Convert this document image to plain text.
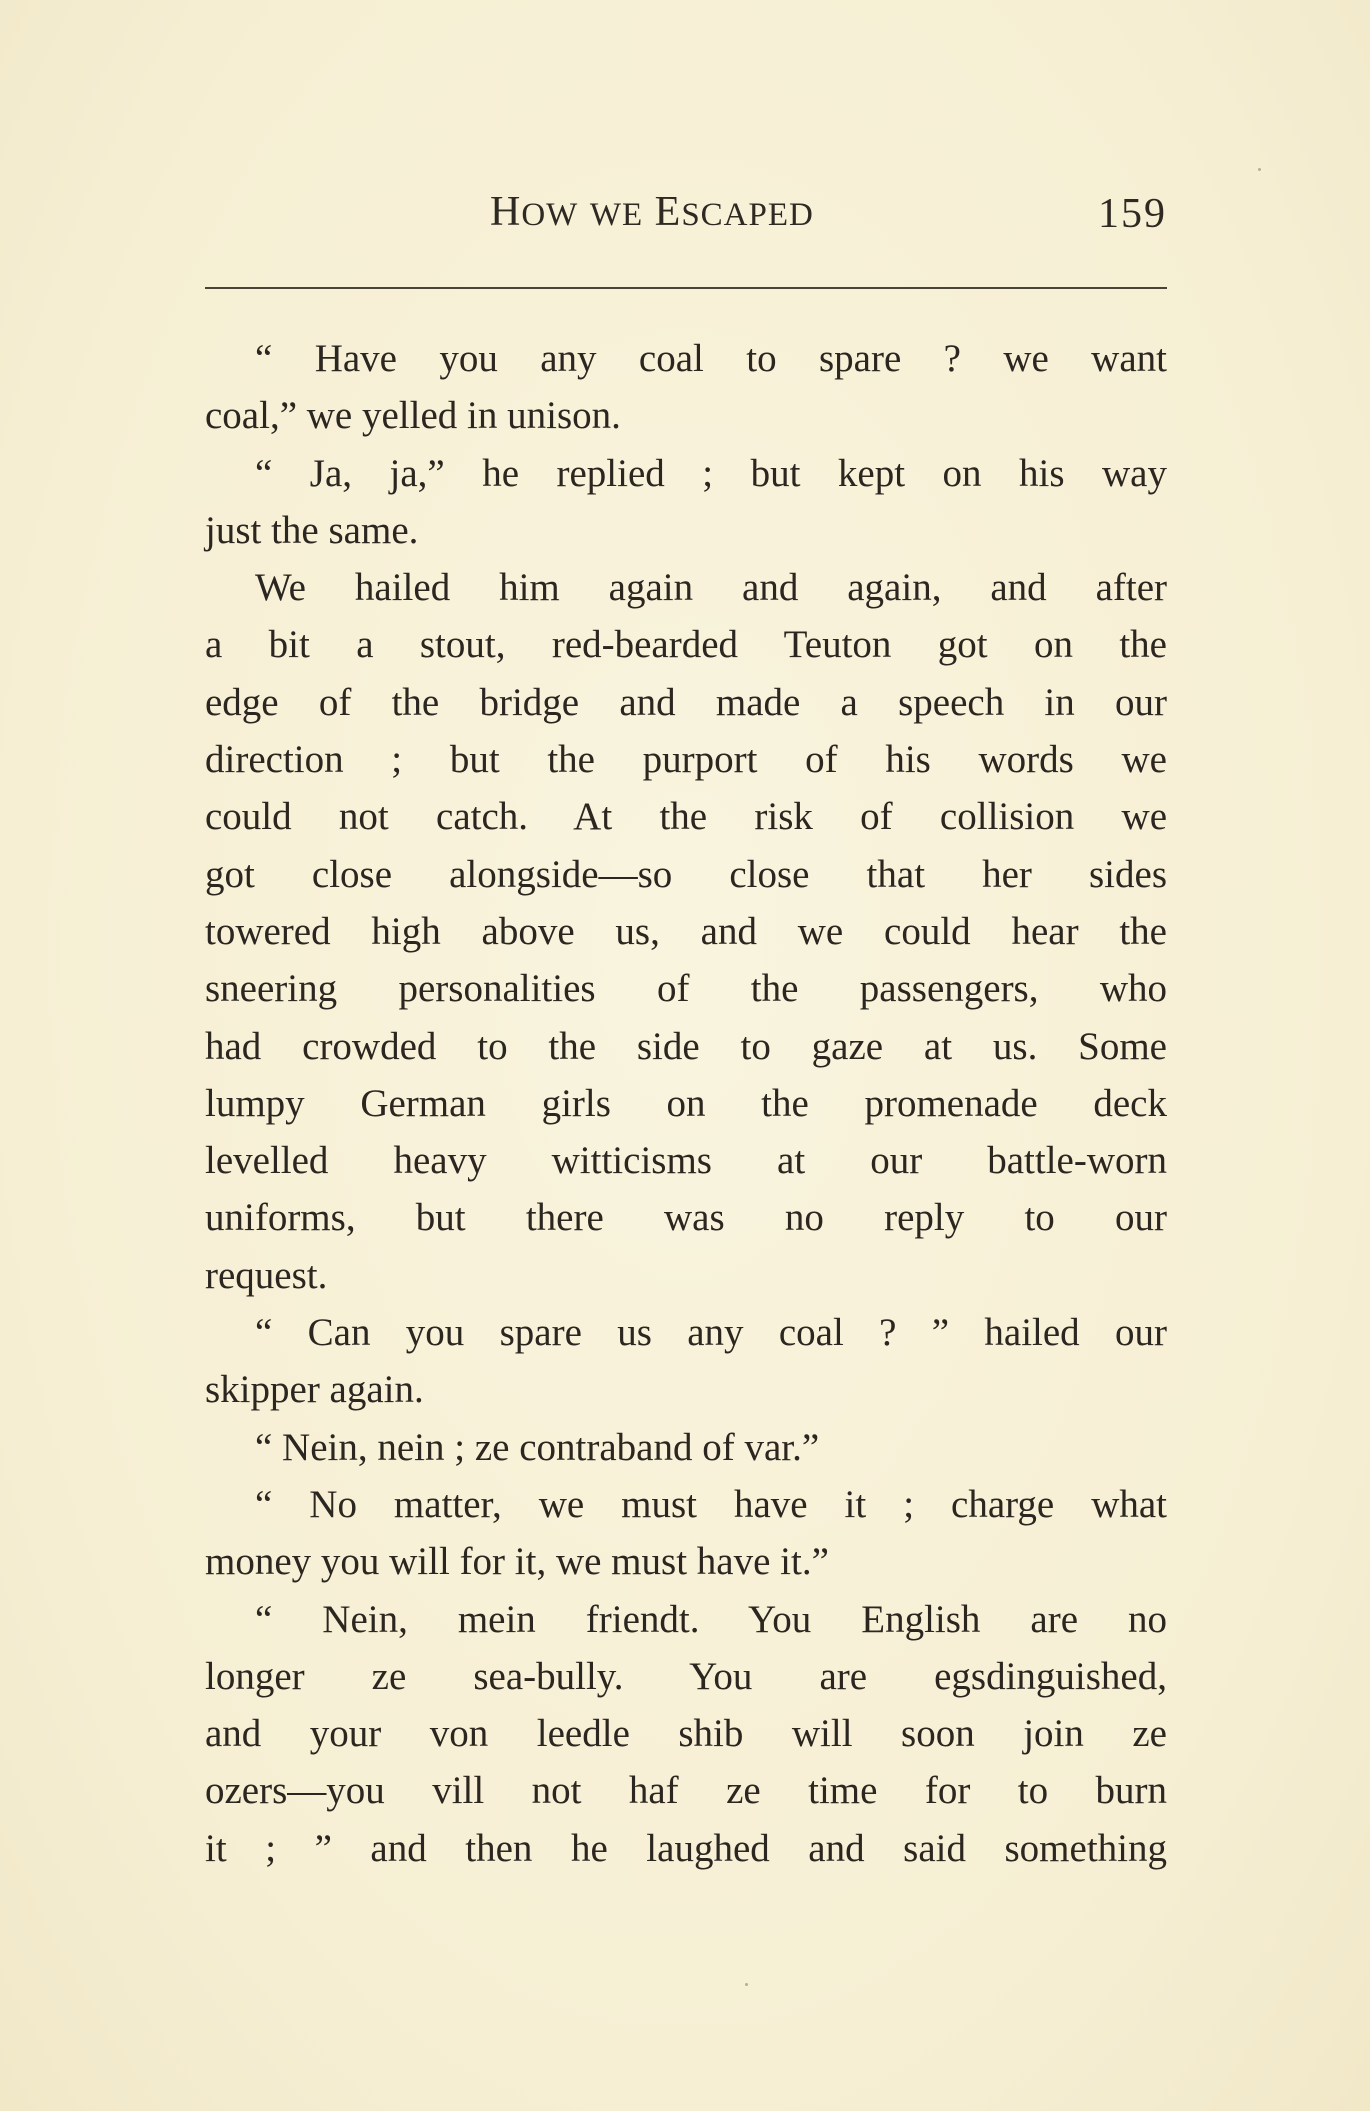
HOW WE ESCAPED	159
“ Have you any coal to spare ? we want
coal,” we yelled in unison.
“ Ja, ja,” he replied ; but kept on his way
just the same.
We hailed him again and again, and after
a bit a stout, red-bearded Teuton got on the
edge of the bridge and made a speech in our
direction ; but the purport of his words we
could not catch. At the risk of collision we
got close alongside—so close that her sides
towered high above us, and we could hear the
sneering personalities of the passengers, who
had crowded to the side to gaze at us. Some
lumpy German girls on the promenade deck
levelled heavy witticisms at our battle-worn
uniforms, but there was no reply to our
request.
“ Can you spare us any coal ? ” hailed our
skipper again.
“ Nein, nein ; ze contraband of var.”
“ No matter, we must have it ; charge what
money you will for it, we must have it.”
“ Nein, mein friendt. You English are no
longer ze sea-bully. You are egsdinguished,
and your von leedle shib will soon join ze
ozers—you vill not haf ze time for to burn
it ; ” and then he laughed and said something
